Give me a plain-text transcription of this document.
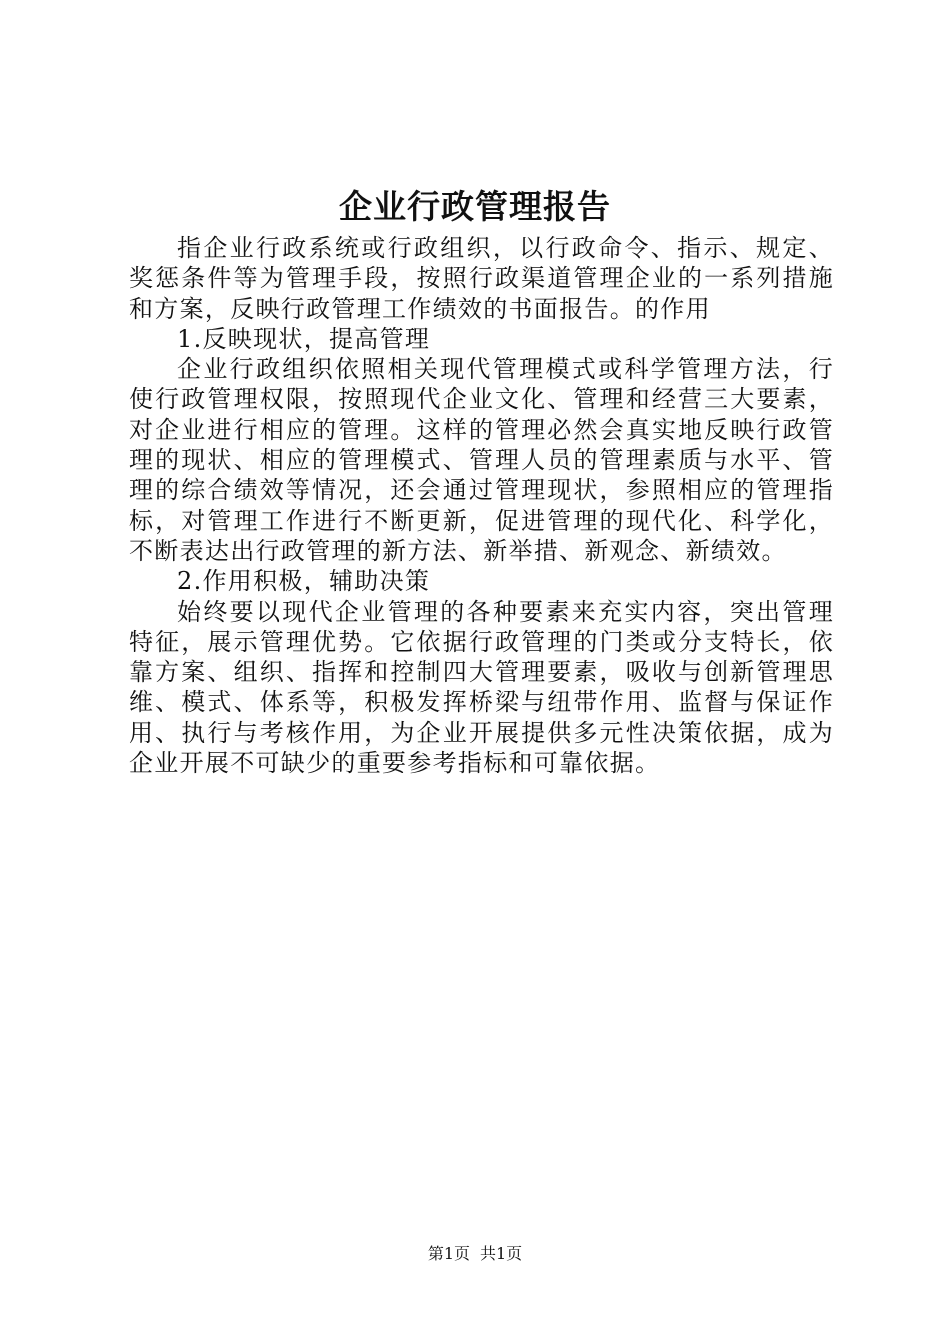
企业行政管理报告

指企业行政系统或行政组织，以行政命令、指示、规定、奖惩条件等为管理手段，按照行政渠道管理企业的一系列措施和方案，反映行政管理工作绩效的书面报告。的作用

1.反映现状，提高管理

企业行政组织依照相关现代管理模式或科学管理方法，行使行政管理权限，按照现代企业文化、管理和经营三大要素，对企业进行相应的管理。这样的管理必然会真实地反映行政管理的现状、相应的管理模式、管理人员的管理素质与水平、管理的综合绩效等情况，还会通过管理现状，参照相应的管理指标，对管理工作进行不断更新，促进管理的现代化、科学化，不断表达出行政管理的新方法、新举措、新观念、新绩效。

2.作用积极，辅助决策

始终要以现代企业管理的各种要素来充实内容，突出管理特征，展示管理优势。它依据行政管理的门类或分支特长，依靠方案、组织、指挥和控制四大管理要素，吸收与创新管理思维、模式、体系等，积极发挥桥梁与纽带作用、监督与保证作用、执行与考核作用，为企业开展提供多元性决策依据，成为企业开展不可缺少的重要参考指标和可靠依据。

第1页 共1页
